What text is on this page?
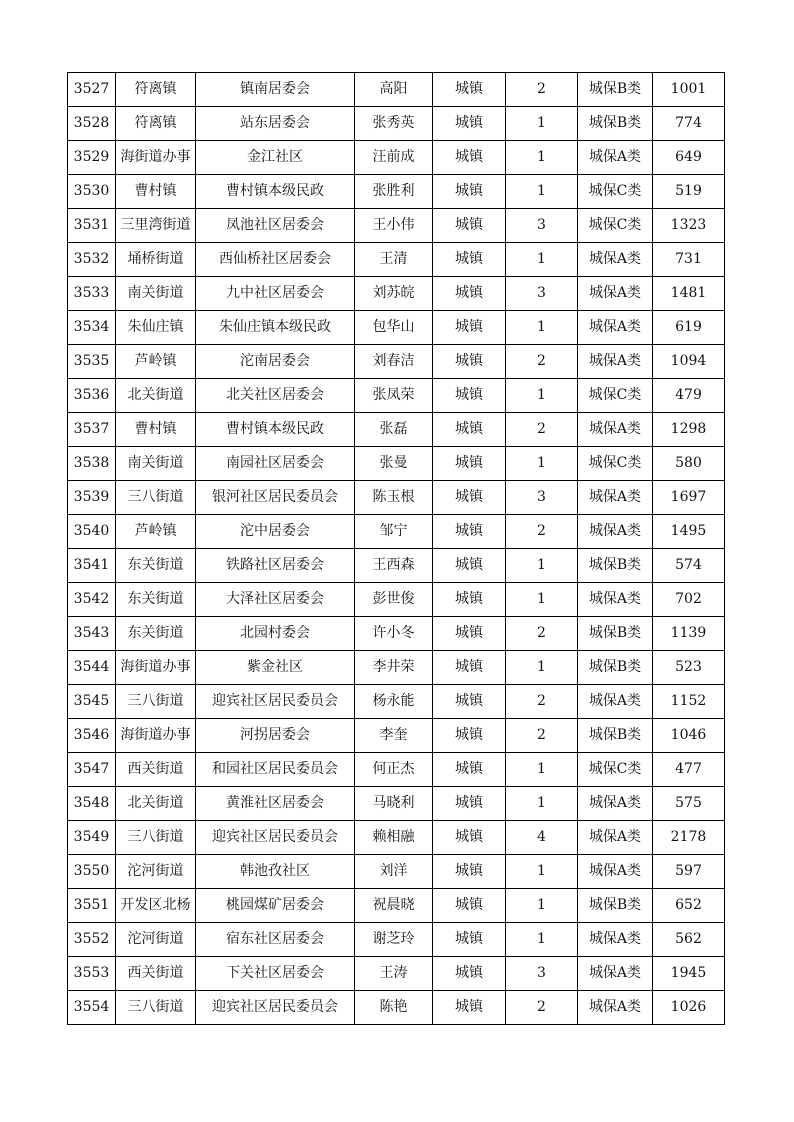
3527	符离镇	镇南居委会	高阳	城镇	2	城保B类	1001
3528	符离镇	站东居委会	张秀英	城镇	1	城保B类	774
3529	海街道办事	金江社区	汪前成	城镇	1	城保A类	649
3530	曹村镇	曹村镇本级民政	张胜利	城镇	1	城保C类	519
3531	三里湾街道	凤池社区居委会	王小伟	城镇	3	城保C类	1323
3532	埇桥街道	西仙桥社区居委会	王清	城镇	1	城保A类	731
3533	南关街道	九中社区居委会	刘苏皖	城镇	3	城保A类	1481
3534	朱仙庄镇	朱仙庄镇本级民政	包华山	城镇	1	城保A类	619
3535	芦岭镇	沱南居委会	刘春洁	城镇	2	城保A类	1094
3536	北关街道	北关社区居委会	张凤荣	城镇	1	城保C类	479
3537	曹村镇	曹村镇本级民政	张磊	城镇	2	城保A类	1298
3538	南关街道	南园社区居委会	张曼	城镇	1	城保C类	580
3539	三八街道	银河社区居民委员会	陈玉根	城镇	3	城保A类	1697
3540	芦岭镇	沱中居委会	邹宁	城镇	2	城保A类	1495
3541	东关街道	铁路社区居委会	王西森	城镇	1	城保B类	574
3542	东关街道	大泽社区居委会	彭世俊	城镇	1	城保A类	702
3543	东关街道	北园村委会	许小冬	城镇	2	城保B类	1139
3544	海街道办事	紫金社区	李井荣	城镇	1	城保B类	523
3545	三八街道	迎宾社区居民委员会	杨永能	城镇	2	城保A类	1152
3546	海街道办事	河拐居委会	李奎	城镇	2	城保B类	1046
3547	西关街道	和园社区居民委员会	何正杰	城镇	1	城保C类	477
3548	北关街道	黄淮社区居委会	马晓利	城镇	1	城保A类	575
3549	三八街道	迎宾社区居民委员会	赖相融	城镇	4	城保A类	2178
3550	沱河街道	韩池孜社区	刘洋	城镇	1	城保A类	597
3551	开发区北杨	桃园煤矿居委会	祝晨晓	城镇	1	城保B类	652
3552	沱河街道	宿东社区居委会	谢芝玲	城镇	1	城保A类	562
3553	西关街道	下关社区居委会	王涛	城镇	3	城保A类	1945
3554	三八街道	迎宾社区居民委员会	陈艳	城镇	2	城保A类	1026
